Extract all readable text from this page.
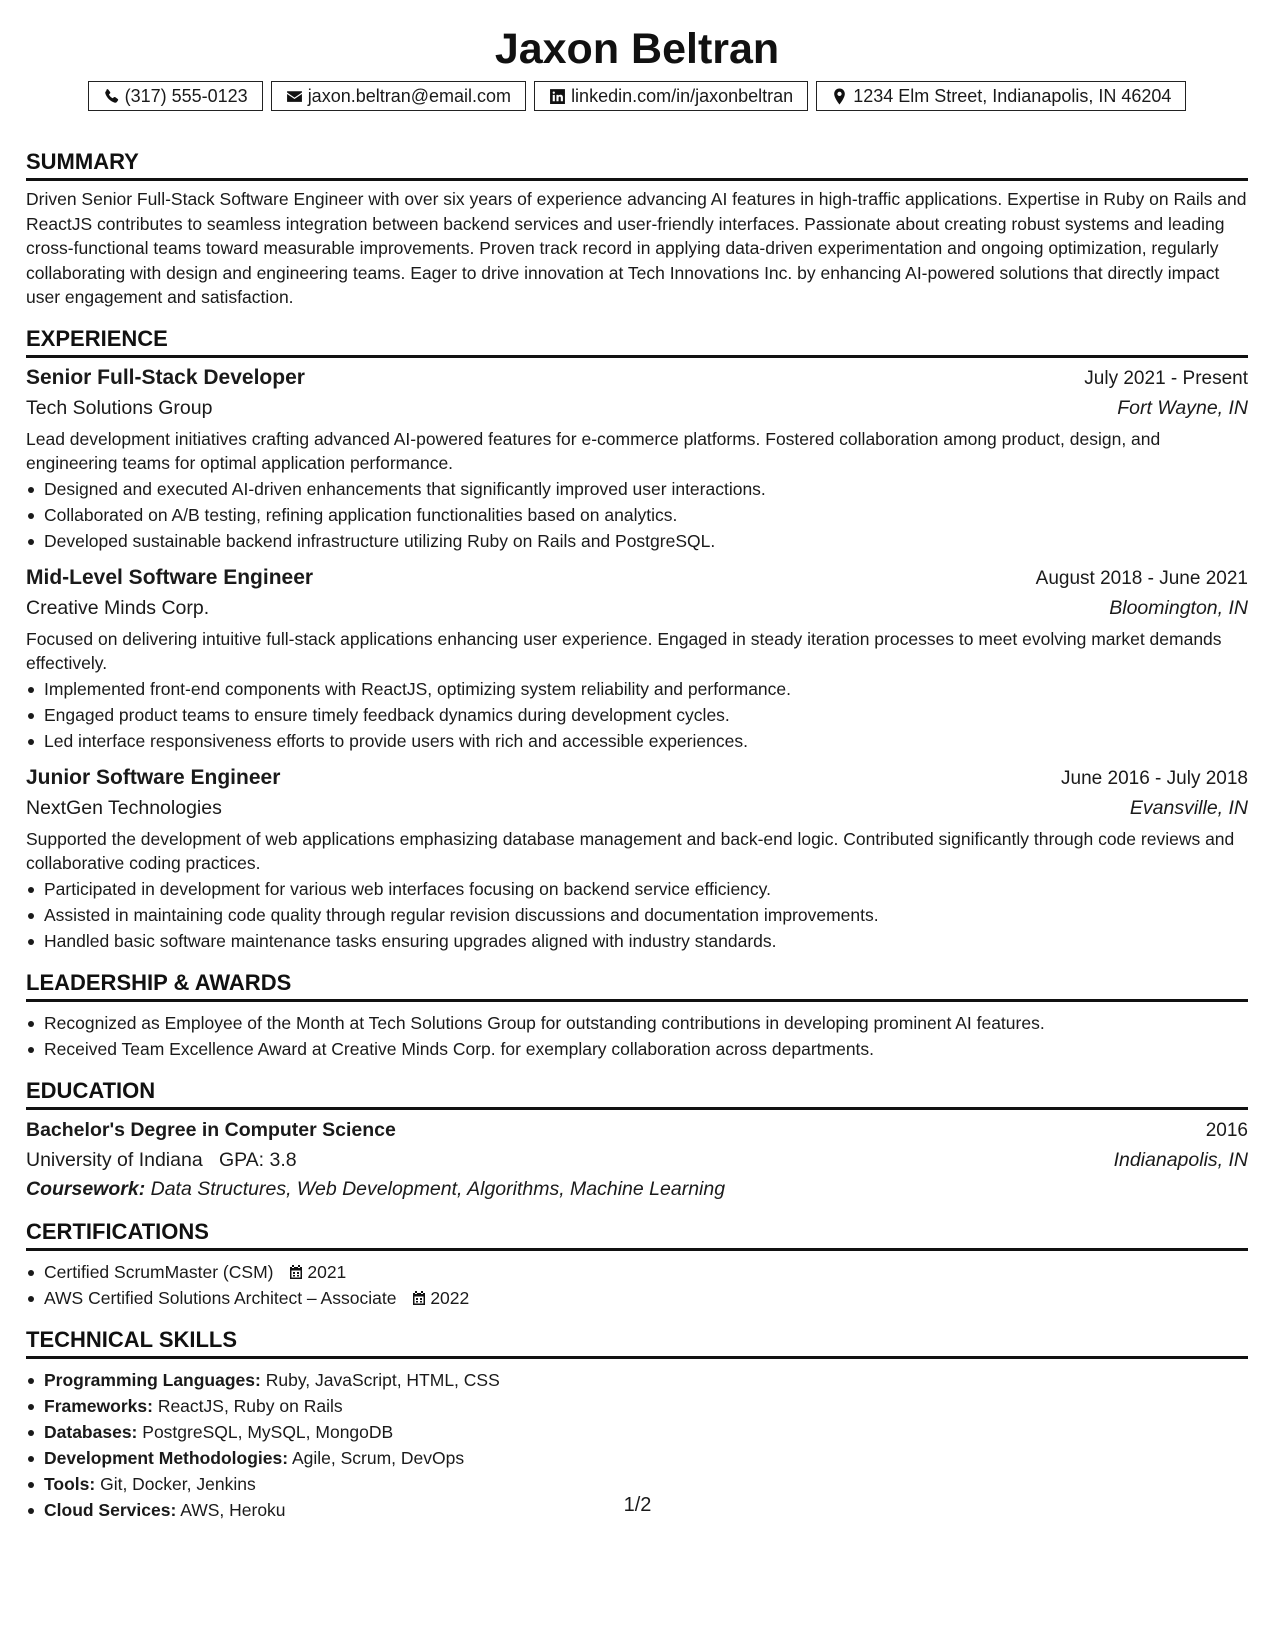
Jaxon Beltran
(317) 555-0123	jaxon.beltran@email.com	linkedin.com/in/jaxonbeltran	1234 Elm Street, Indianapolis, IN 46204
SUMMARY
Driven Senior Full-Stack Software Engineer with over six years of experience advancing AI features in high-traffic applications. Expertise in Ruby on Rails and ReactJS contributes to seamless integration between backend services and user-friendly interfaces. Passionate about creating robust systems and leading cross-functional teams toward measurable improvements. Proven track record in applying data-driven experimentation and ongoing optimization, regularly collaborating with design and engineering teams. Eager to drive innovation at Tech Innovations Inc. by enhancing AI-powered solutions that directly impact user engagement and satisfaction.
EXPERIENCE
Senior Full-Stack Developer	July 2021 - Present
Tech Solutions Group	Fort Wayne, IN
Lead development initiatives crafting advanced AI-powered features for e-commerce platforms. Fostered collaboration among product, design, and engineering teams for optimal application performance.
Designed and executed AI-driven enhancements that significantly improved user interactions.
Collaborated on A/B testing, refining application functionalities based on analytics.
Developed sustainable backend infrastructure utilizing Ruby on Rails and PostgreSQL.
Mid-Level Software Engineer	August 2018 - June 2021
Creative Minds Corp.	Bloomington, IN
Focused on delivering intuitive full-stack applications enhancing user experience. Engaged in steady iteration processes to meet evolving market demands effectively.
Implemented front-end components with ReactJS, optimizing system reliability and performance.
Engaged product teams to ensure timely feedback dynamics during development cycles.
Led interface responsiveness efforts to provide users with rich and accessible experiences.
Junior Software Engineer	June 2016 - July 2018
NextGen Technologies	Evansville, IN
Supported the development of web applications emphasizing database management and back-end logic. Contributed significantly through code reviews and collaborative coding practices.
Participated in development for various web interfaces focusing on backend service efficiency.
Assisted in maintaining code quality through regular revision discussions and documentation improvements.
Handled basic software maintenance tasks ensuring upgrades aligned with industry standards.
LEADERSHIP & AWARDS
Recognized as Employee of the Month at Tech Solutions Group for outstanding contributions in developing prominent AI features.
Received Team Excellence Award at Creative Minds Corp. for exemplary collaboration across departments.
EDUCATION
Bachelor's Degree in Computer Science	2016
University of Indiana GPA: 3.8	Indianapolis, IN
Coursework: Data Structures, Web Development, Algorithms, Machine Learning
CERTIFICATIONS
Certified ScrumMaster (CSM) 2021
AWS Certified Solutions Architect – Associate 2022
TECHNICAL SKILLS
Programming Languages: Ruby, JavaScript, HTML, CSS
Frameworks: ReactJS, Ruby on Rails
Databases: PostgreSQL, MySQL, MongoDB
Development Methodologies: Agile, Scrum, DevOps
Tools: Git, Docker, Jenkins
Cloud Services: AWS, Heroku	1/2
